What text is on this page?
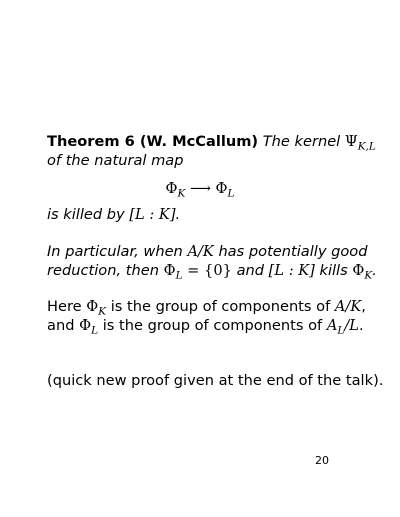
Theorem 6 (W. McCallum) The kernel $\Psi_{K,L}$
of the natural map
$\Phi_K$ ⟶ $\Phi_L$
is killed by [L : K].
In particular, when A/K has potentially good
reduction, then $\Phi_L = \{0\}$ and [L : K] kills $\Phi_K$.
Here $\Phi_K$ is the group of components of A/K,
and $\Phi_L$ is the group of components of $A_L/L$.
(quick new proof given at the end of the talk).
20
